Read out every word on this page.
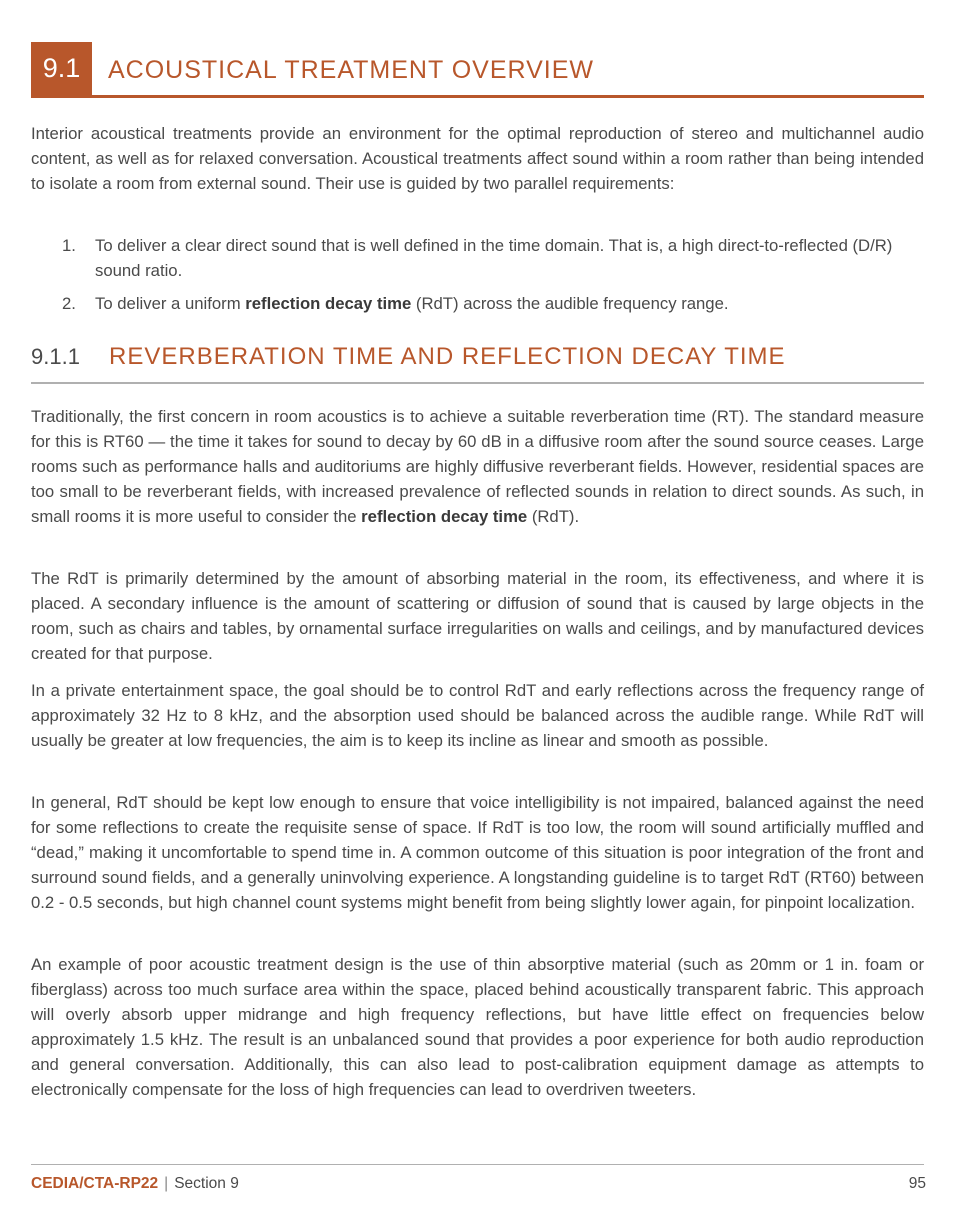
9.1	ACOUSTICAL TREATMENT OVERVIEW

Interior acoustical treatments provide an environment for the optimal reproduction of stereo and multichannel audio content, as well as for relaxed conversation. Acoustical treatments affect sound within a room rather than being intended to isolate a room from external sound. Their use is guided by two parallel requirements:

1. To deliver a clear direct sound that is well defined in the time domain. That is, a high direct-to-reflected (D/R) sound ratio.
2. To deliver a uniform reflection decay time (RdT) across the audible frequency range.
9.1.1 REVERBERATION TIME AND REFLECTION DECAY TIME

Traditionally, the first concern in room acoustics is to achieve a suitable reverberation time (RT). The standard measure for this is RT60 — the time it takes for sound to decay by 60 dB in a diffusive room after the sound source ceases. Large rooms such as performance halls and auditoriums are highly diffusive reverberant fields. However, residential spaces are too small to be reverberant fields, with increased prevalence of reflected sounds in relation to direct sounds. As such, in small rooms it is more useful to consider the reflection decay time (RdT).

The RdT is primarily determined by the amount of absorbing material in the room, its effectiveness, and where it is placed. A secondary influence is the amount of scattering or diffusion of sound that is caused by large objects in the room, such as chairs and tables, by ornamental surface irregularities on walls and ceilings, and by manufactured devices created for that purpose.

In a private entertainment space, the goal should be to control RdT and early reflections across the frequency range of approximately 32 Hz to 8 kHz, and the absorption used should be balanced across the audible range. While RdT will usually be greater at low frequencies, the aim is to keep its incline as linear and smooth as possible.

In general, RdT should be kept low enough to ensure that voice intelligibility is not impaired, balanced against the need for some reflections to create the requisite sense of space. If RdT is too low, the room will sound artificially muffled and “dead,” making it uncomfortable to spend time in. A common outcome of this situation is poor integration of the front and surround sound fields, and a generally uninvolving experience. A longstanding guideline is to target RdT (RT60) between 0.2 - 0.5 seconds, but high channel count systems might benefit from being slightly lower again, for pinpoint localization.

An example of poor acoustic treatment design is the use of thin absorptive material (such as 20mm or 1 in. foam or fiberglass) across too much surface area within the space, placed behind acoustically transparent fabric. This approach will overly absorb upper midrange and high frequency reflections, but have little effect on frequencies below approximately 1.5 kHz. The result is an unbalanced sound that provides a poor experience for both audio reproduction and general conversation. Additionally, this can also lead to post-calibration equipment damage as attempts to electronically compensate for the loss of high frequencies can lead to overdriven tweeters.

CEDIA/CTA-RP22 | Section 9	95
